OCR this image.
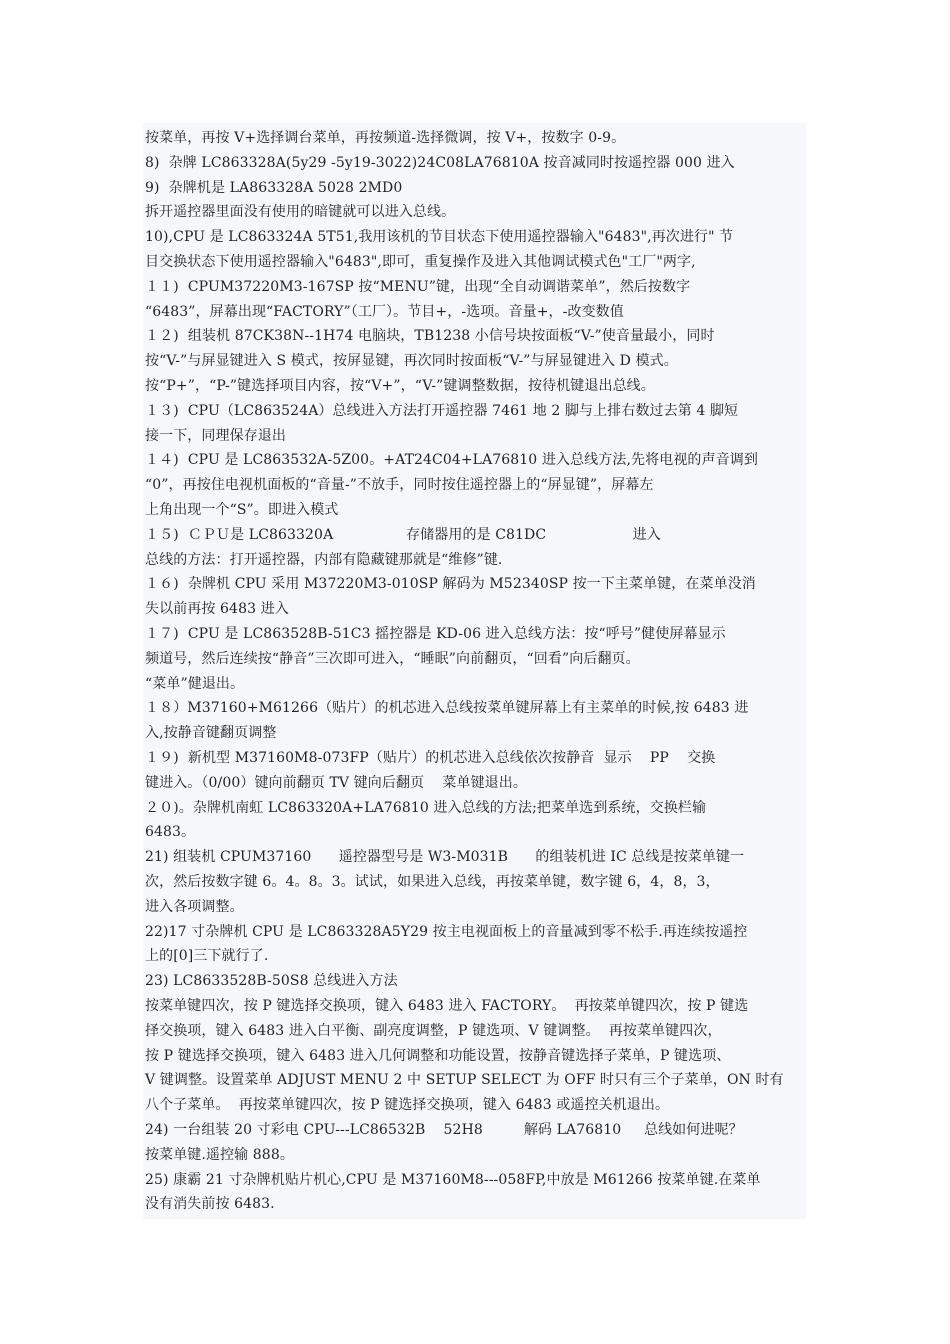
按菜单，再按 V+选择调台菜单，再按频道-选择微调，按 V+，按数字 0-9。
8)  杂牌 LC863328A(5y29 -5y19-3022)24C08LA76810A 按音减同时按遥控器 000 进入
9)  杂牌机是 LA863328A 5028 2MD0
拆开遥控器里面没有使用的暗键就可以进入总线。
10),CPU 是 LC863324A 5T51,我用该机的节目状态下使用遥控器输入"6483",再次进行" 节
目交换状态下使用遥控器输入"6483",即可，重复操作及进入其他调试模式色"工厂"两字,
１１)  CPUM37220M3-167SP 按“MENU”键，出现“全自动调谐菜单”，然后按数字
“6483”，屏幕出现“FACTORY”（工厂）。节目+，-选项。音量+，-改变数值
１２)  组装机 87CK38N--1H74 电脑块，TB1238 小信号块按面板“V-”使音量最小，同时
按“V-”与屏显键进入 S 模式，按屏显键，再次同时按面板“V-”与屏显键进入 D 模式。
按“P+”，“P-”键选择项目内容，按“V+”，“V-”键调整数据，按待机键退出总线。
１３)  CPU（LC863524A）总线进入方法打开遥控器 7461 地 2 脚与上排右数过去第 4 脚短
接一下，同理保存退出
１４)  CPU 是 LC863532A-5Z00。+AT24C04+LA76810 进入总线方法,先将电视的声音调到
“0”，再按住电视机面板的“音量-”不放手，同时按住遥控器上的“屏显键”，屏幕左
上角出现一个“S”。即进入模式
１５)  ＣＰＵ是 LC863320A                存储器用的是 C81DC                   进入
总线的方法：打开遥控器，内部有隐藏键那就是“维修”键.
１６)  杂牌机 CPU 采用 M37220M3-010SP 解码为 M52340SP 按一下主菜单键，在菜单没消
失以前再按 6483 进入
１７)  CPU 是 LC863528B-51C3 摇控器是 KD-06 进入总线方法：按“呼号”健使屏幕显示
频道号，然后连续按“静音”三次即可进入，“睡眠”向前翻页，“回看”向后翻页。
“菜单”健退出。
１８）M37160+M61266（贴片）的机芯进入总线按菜单键屏幕上有主菜单的时候,按 6483 进
入,按静音键翻页调整
１９)  新机型 M37160M8-073FP（贴片）的机芯进入总线依次按静音  显示    PP    交换
键进入。（0/00）键向前翻页 TV 键向后翻页    菜单键退出。
２０)。杂牌机南虹 LC863320A+LA76810 进入总线的方法;把菜单选到系统，交换栏输
6483。
21) 组装机 CPUM37160      遥控器型号是 W3-M031B      的组装机进 IC 总线是按菜单键一
次，然后按数字键 6。4。8。3。试试，如果进入总线，再按菜单键，数字键 6，4，8，3，
进入各项调整。
22)17 寸杂牌机 CPU 是 LC863328A5Y29 按主电视面板上的音量减到零不松手.再连续按遥控
上的[0]三下就行了.
23) LC8633528B-50S8 总线进入方法
按菜单键四次，按 P 键选择交换项，键入 6483 进入 FACTORY。  再按菜单键四次，按 P 键选
择交换项，键入 6483 进入白平衡、副亮度调整，P 键选项、V 键调整。  再按菜单键四次，
按 P 键选择交换项，键入 6483 进入几何调整和功能设置，按静音键选择子菜单，P 键选项、
V 键调整。设置菜单 ADJUST MENU 2 中 SETUP SELECT 为 OFF 时只有三个子菜单，ON 时有
八个子菜单。  再按菜单键四次，按 P 键选择交换项，键入 6483 或遥控关机退出。
24) 一台组装 20 寸彩电 CPU---LC86532B    52H8         解码 LA76810     总线如何进呢？
按菜单键.遥控输 888。
25) 康霸 21 寸杂牌机贴片机心,CPU 是 M37160M8---058FP,中放是 M61266 按菜单键.在菜单
没有消失前按 6483.
